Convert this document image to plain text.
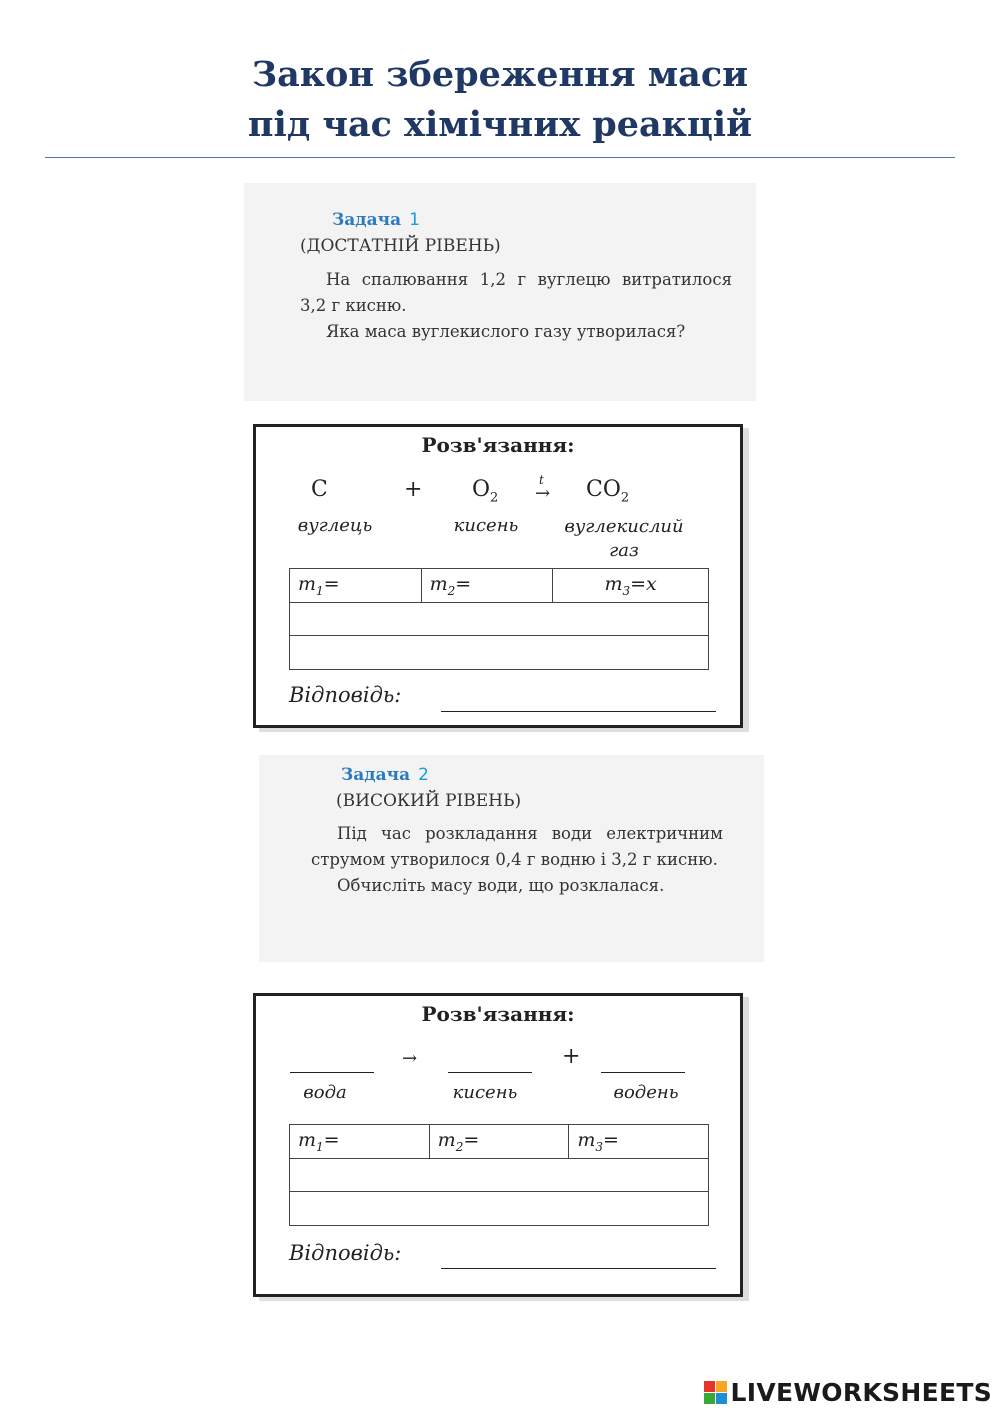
Закон збереження маси
під час хімічних реакцій
Задача 1
(ДОСТАТНІЙ РІВЕНЬ)

На спалювання 1,2 г вуглецю витратилося 3,2 г кисню.

Яка маса вуглекислого газу утворилася?

Розв'язання:
C	+ $O_2$
t
→ $CO_2$
вуглець	кисень	вуглекислий
газ
$m_1=$	$m_2=$	$m_3=x$

Відповідь:
Задача 2
(ВИСОКИЙ РІВЕНЬ)

Під час розкладання води електричним струмом утворилося 0,4 г водню і 3,2 г кисню.

Обчисліть масу води, що розклалася.

Розв'язання:
→	+
вода	кисень	водень
$m_1=$	$m_2=$	$m_3=$

Відповідь:
LIVEWORKSHEETS
